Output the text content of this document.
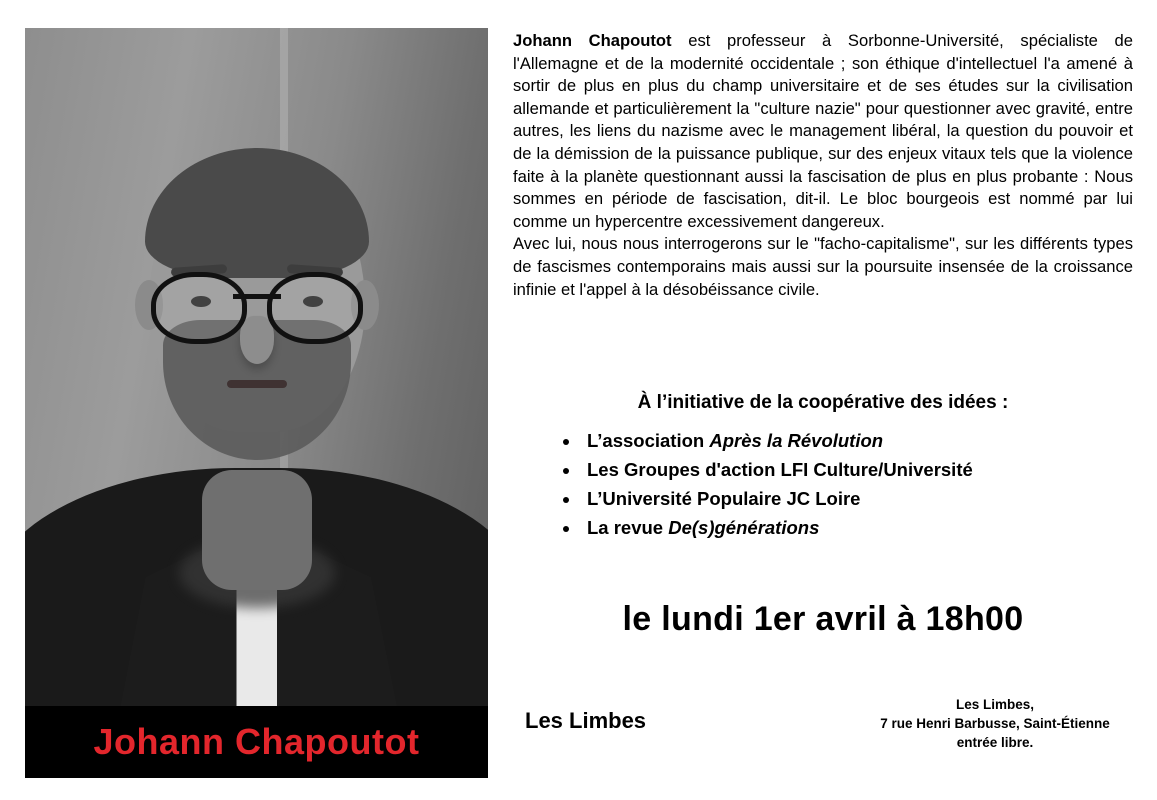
Johann Chapoutot

Johann Chapoutot est professeur à Sorbonne-Université, spécialiste de l'Allemagne et de la modernité occidentale ; son éthique d'intellectuel l'a amené à sortir de plus en plus du champ universitaire et de ses études sur la civilisation allemande et particulièrement la "culture nazie" pour questionner avec gravité, entre autres, les liens du nazisme avec le management libéral, la question du pouvoir et de la démission de la puissance publique, sur des enjeux vitaux tels que la violence faite à la planète questionnant aussi la fascisation de plus en plus probante : Nous sommes en période de fascisation, dit-il. Le bloc bourgeois est nommé par lui comme un hypercentre excessivement dangereux.

Avec lui, nous nous interrogerons sur le "facho-capitalisme", sur les différents types de fascismes contemporains mais aussi sur la poursuite insensée de la croissance infinie et l'appel à la désobéissance civile.

À l’initiative de la coopérative des idées :
• L’association Après la Révolution
• Les Groupes d'action LFI Culture/Université
• L’Université Populaire JC Loire
• La revue De(s)générations
le lundi 1er avril à 18h00
Les Limbes
Les Limbes,
7 rue Henri Barbusse, Saint-Étienne
entrée libre.
